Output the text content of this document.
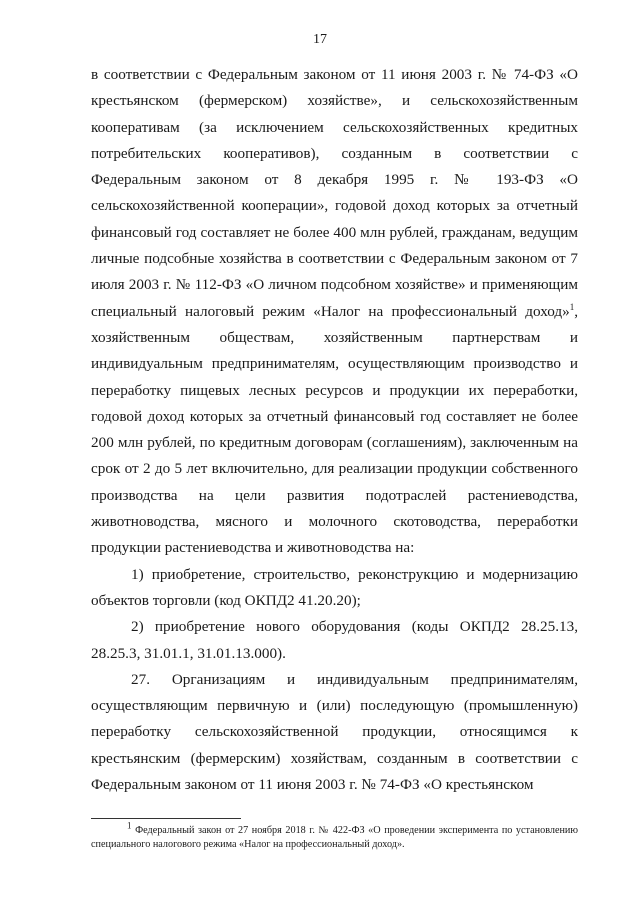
17

в соответствии с Федеральным законом от 11 июня 2003 г. № 74-ФЗ «О крестьянском (фермерском) хозяйстве», и сельскохозяйственным кооперативам (за исключением сельскохозяйственных кредитных потребительских кооперативов), созданным в соответствии с Федеральным законом от 8 декабря 1995 г. № 193-ФЗ «О сельскохозяйственной кооперации», годовой доход которых за отчетный финансовый год составляет не более 400 млн рублей, гражданам, ведущим личные подсобные хозяйства в соответствии с Федеральным законом от 7 июля 2003 г. № 112-ФЗ «О личном подсобном хозяйстве» и применяющим специальный налоговый режим «Налог на профессиональный доход»$^1$, хозяйственным обществам, хозяйственным партнерствам и индивидуальным предпринимателям, осуществляющим производство и переработку пищевых лесных ресурсов и продукции их переработки, годовой доход которых за отчетный финансовый год составляет не более 200 млн рублей, по кредитным договорам (соглашениям), заключенным на срок от 2 до 5 лет включительно, для реализации продукции собственного производства на цели развития подотраслей растениеводства, животноводства, мясного и молочного скотоводства, переработки продукции растениеводства и животноводства на:

1) приобретение, строительство, реконструкцию и модернизацию объектов торговли (код ОКПД2 41.20.20);

2) приобретение нового оборудования (коды ОКПД2 28.25.13, 28.25.3, 31.01.1, 31.01.13.000).

27. Организациям и индивидуальным предпринимателям, осуществляющим первичную и (или) последующую (промышленную) переработку сельскохозяйственной продукции, относящимся к крестьянским (фермерским) хозяйствам, созданным в соответствии с Федеральным законом от 11 июня 2003 г. № 74-ФЗ «О крестьянском

$^1$ Федеральный закон от 27 ноября 2018 г. № 422-ФЗ «О проведении эксперимента по установлению специального налогового режима «Налог на профессиональный доход».
